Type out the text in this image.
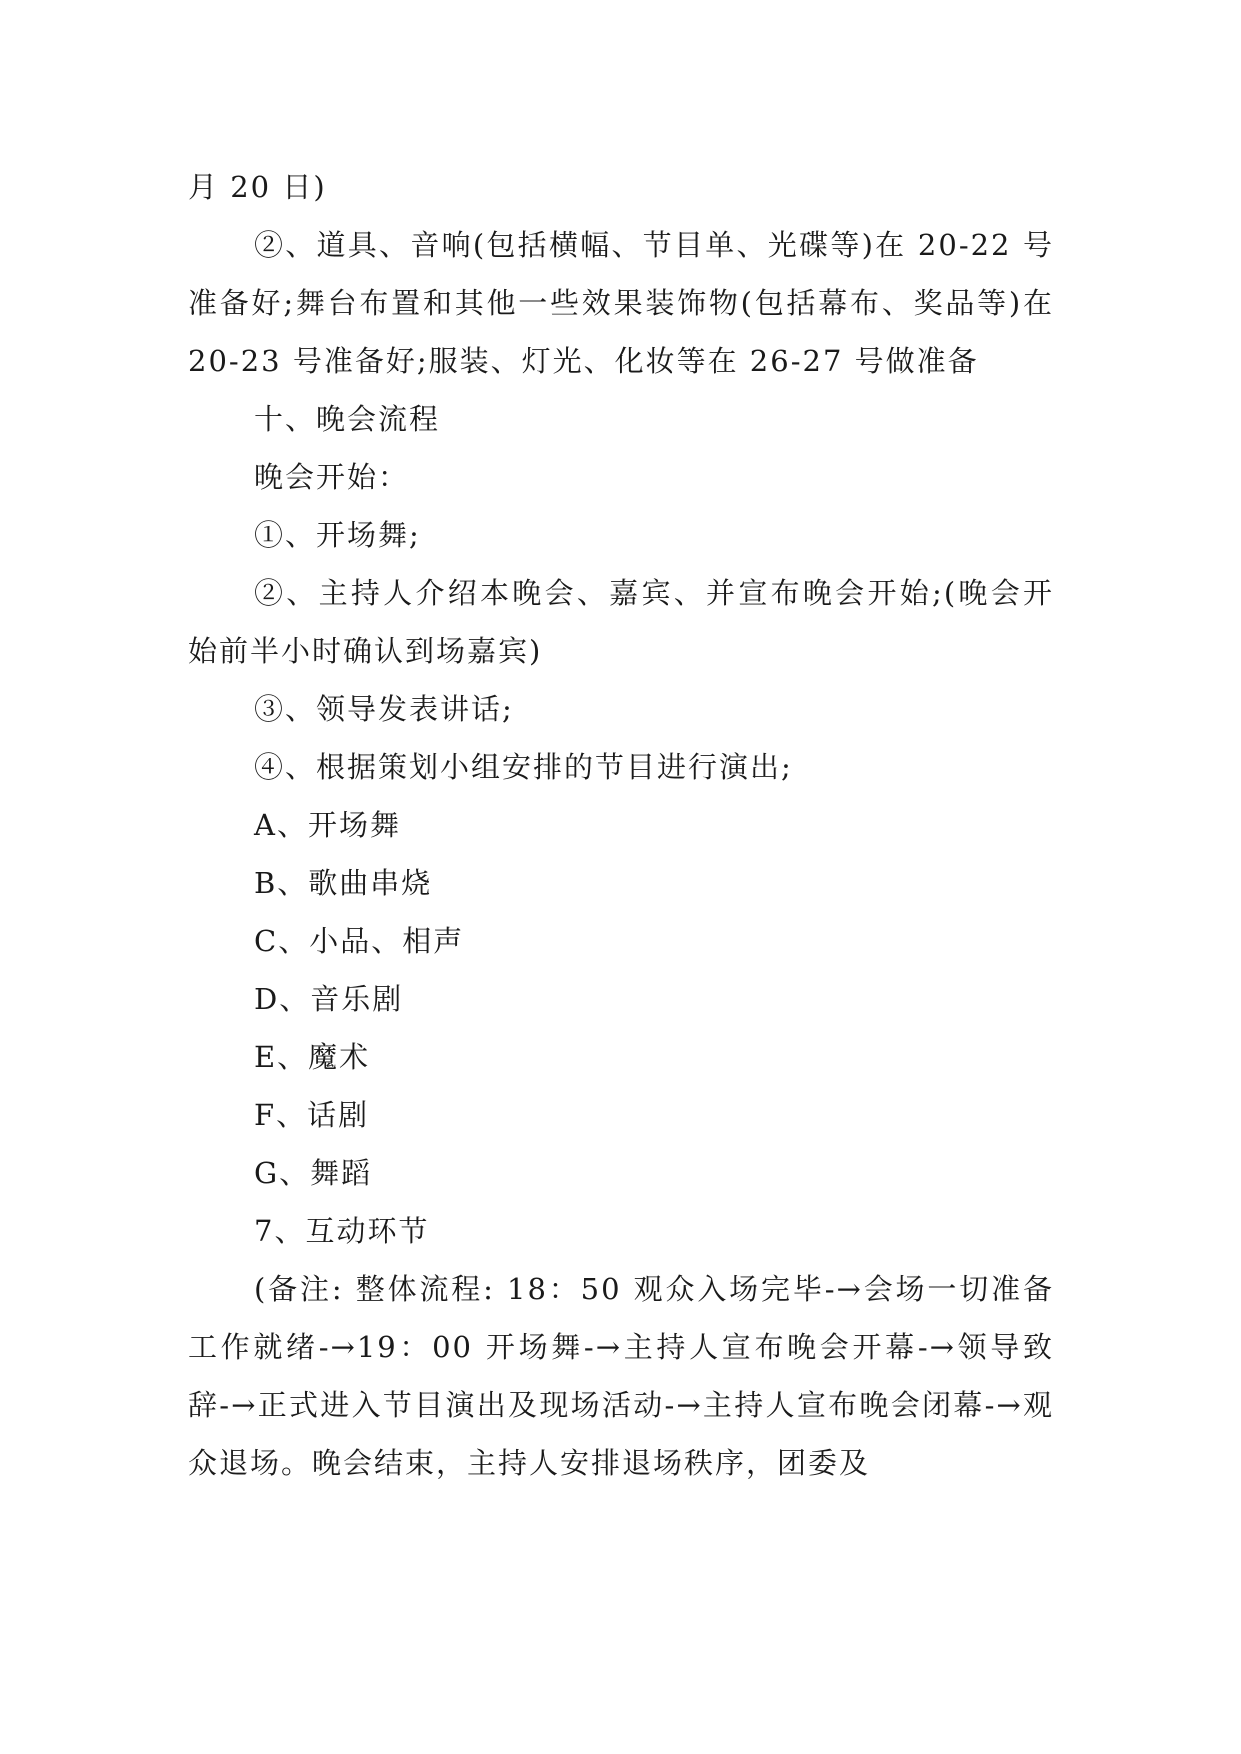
月 20 日)

②、道具、音响(包括横幅、节目单、光碟等)在 20-22 号准备好;舞台布置和其他一些效果装饰物(包括幕布、奖品等)在 20-23 号准备好;服装、灯光、化妆等在 26-27 号做准备

十、晚会流程

晚会开始：

①、开场舞;

②、主持人介绍本晚会、嘉宾、并宣布晚会开始;(晚会开始前半小时确认到场嘉宾)

③、领导发表讲话;

④、根据策划小组安排的节目进行演出;

A、开场舞

B、歌曲串烧

C、小品、相声

D、音乐剧

E、魔术

F、话剧

G、舞蹈

7、互动环节

(备注: 整体流程: 18：50 观众入场完毕-→会场一切准备工作就绪-→19：00 开场舞-→主持人宣布晚会开幕-→领导致辞-→正式进入节目演出及现场活动-→主持人宣布晚会闭幕-→观众退场。晚会结束，主持人安排退场秩序，团委及
